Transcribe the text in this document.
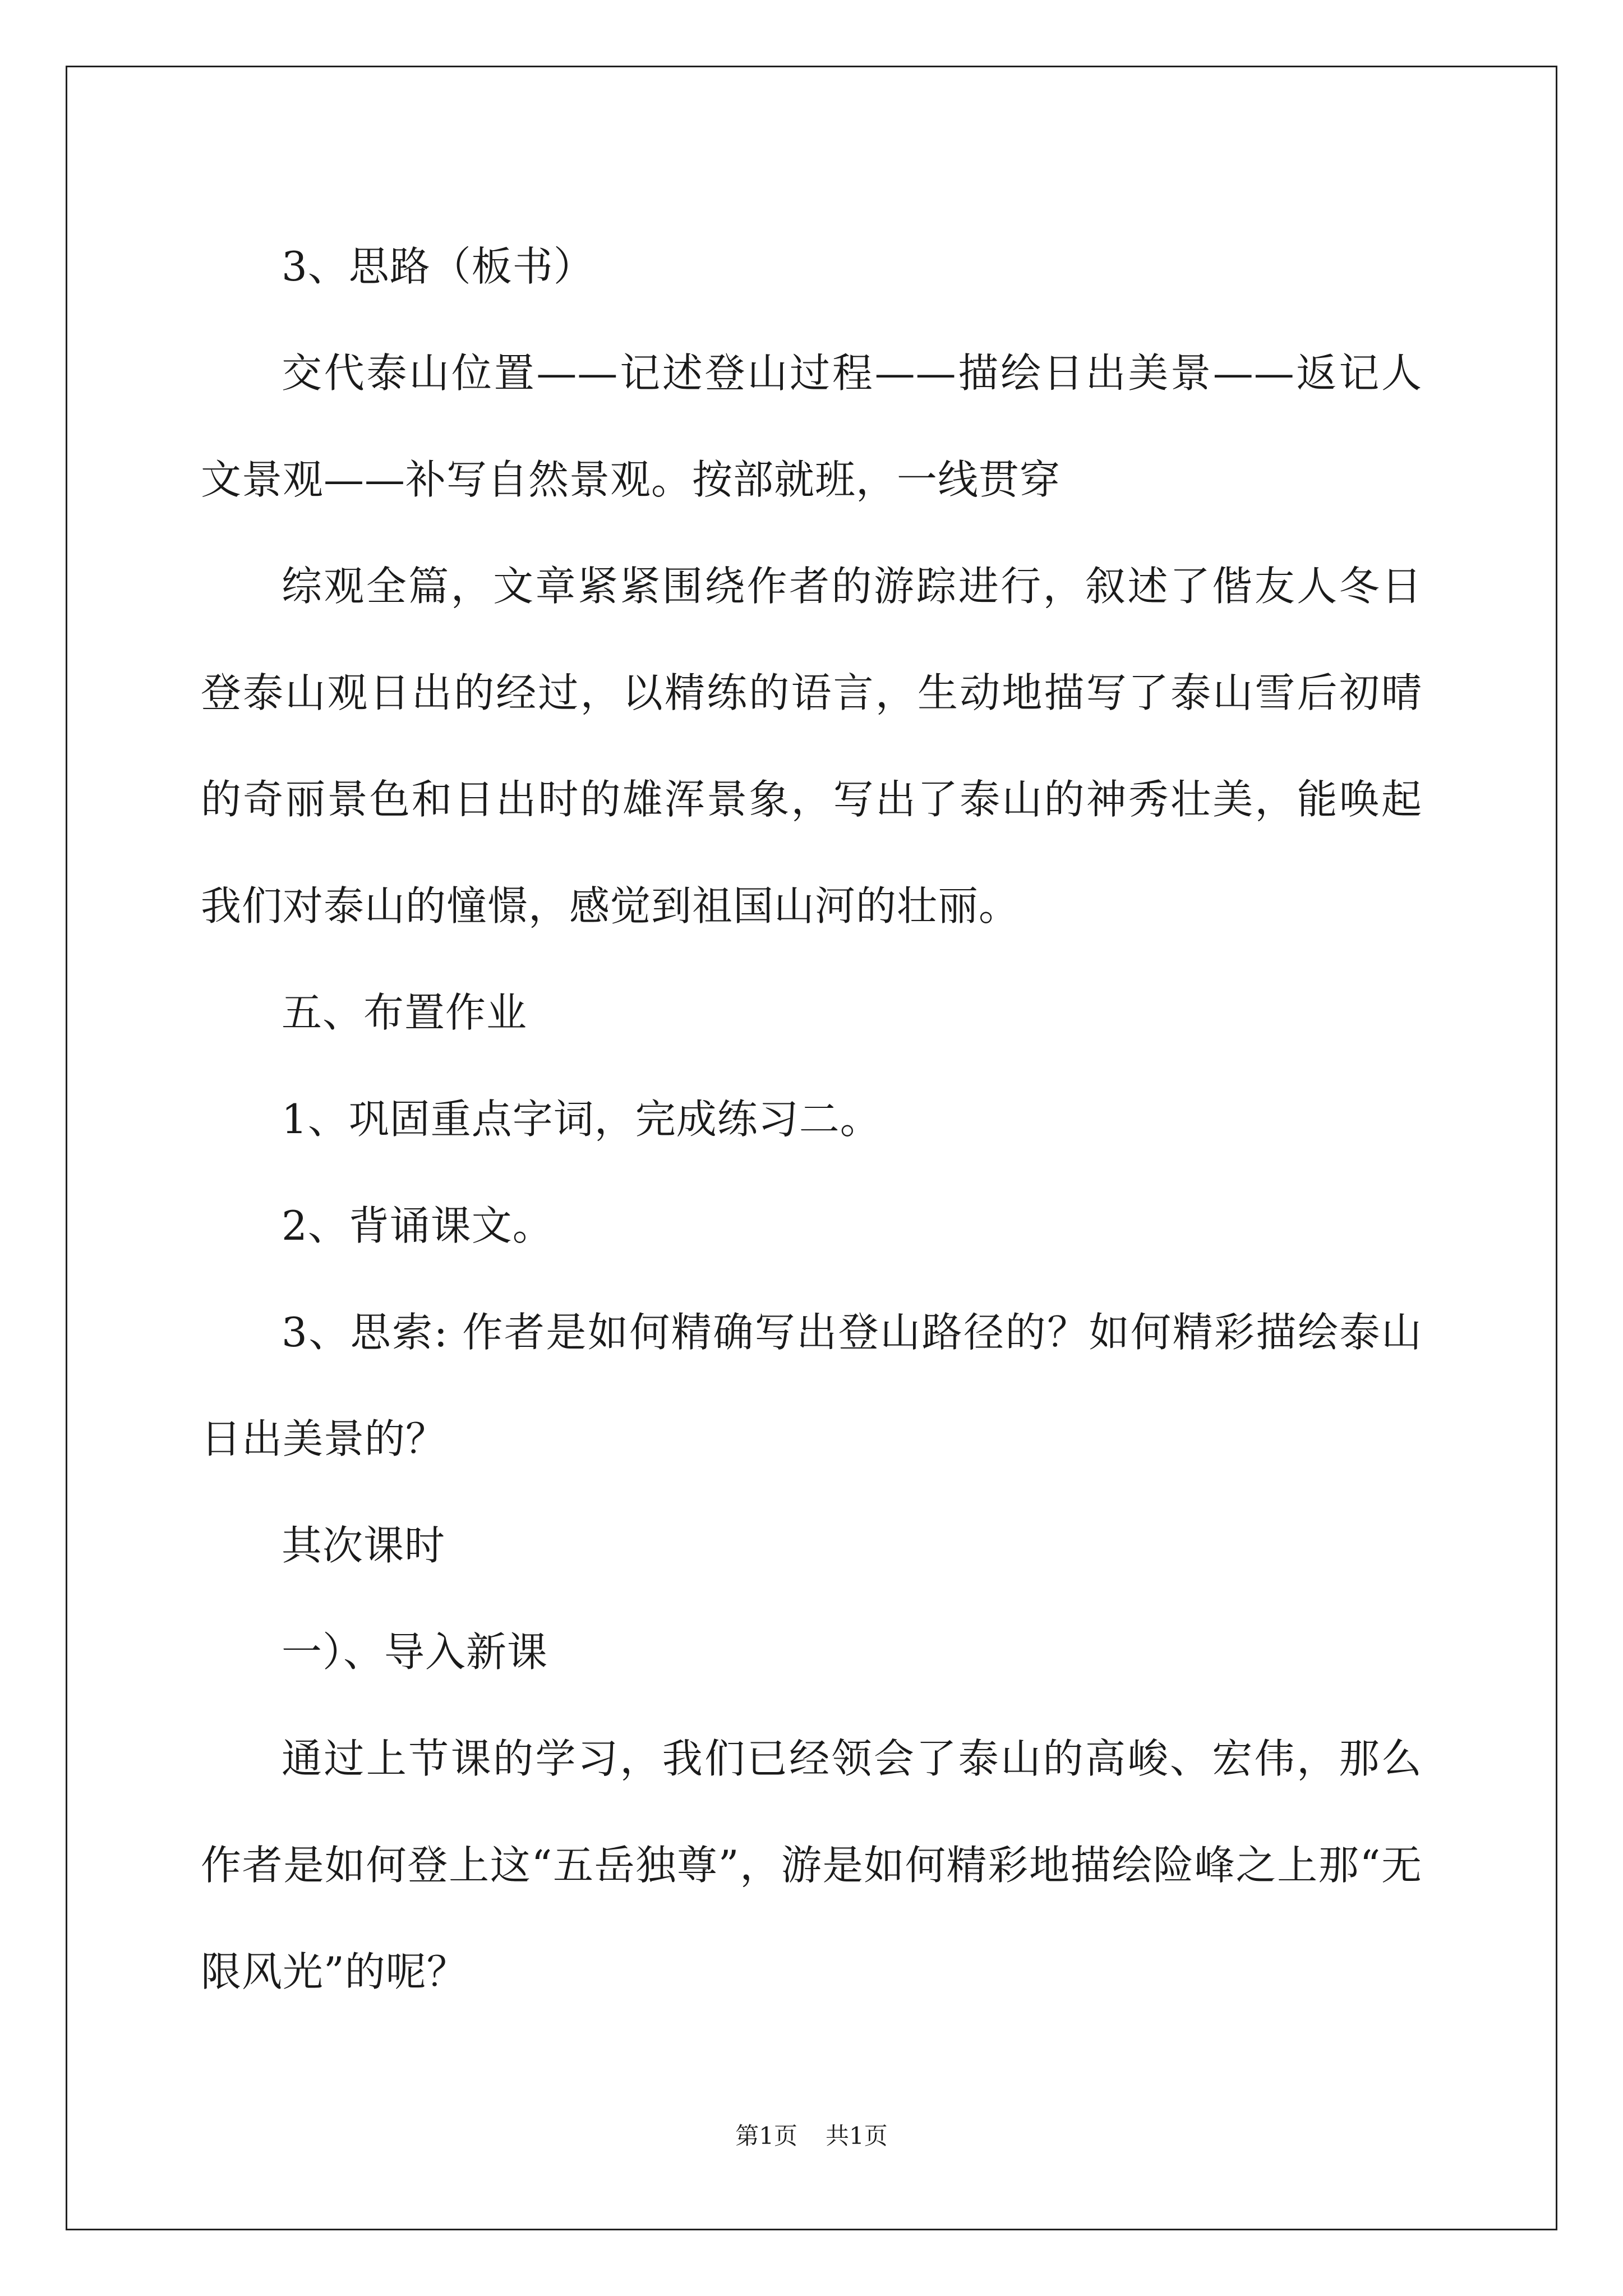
3、思路（板书）

交代泰山位置——记述登山过程——描绘日出美景——返记人文景观——补写自然景观。按部就班，一线贯穿

综观全篇，文章紧紧围绕作者的游踪进行，叙述了偕友人冬日登泰山观日出的经过，以精练的语言，生动地描写了泰山雪后初晴的奇丽景色和日出时的雄浑景象，写出了泰山的神秀壮美，能唤起我们对泰山的憧憬，感觉到祖国山河的壮丽。

五、布置作业

1、巩固重点字词，完成练习二。

2、背诵课文。

3、思索: 作者是如何精确写出登山路径的？如何精彩描绘泰山日出美景的？

其次课时

一）、导入新课

通过上节课的学习，我们已经领会了泰山的高峻、宏伟，那么作者是如何登上这“五岳独尊”，游是如何精彩地描绘险峰之上那“无限风光”的呢？

第1页 共1页
